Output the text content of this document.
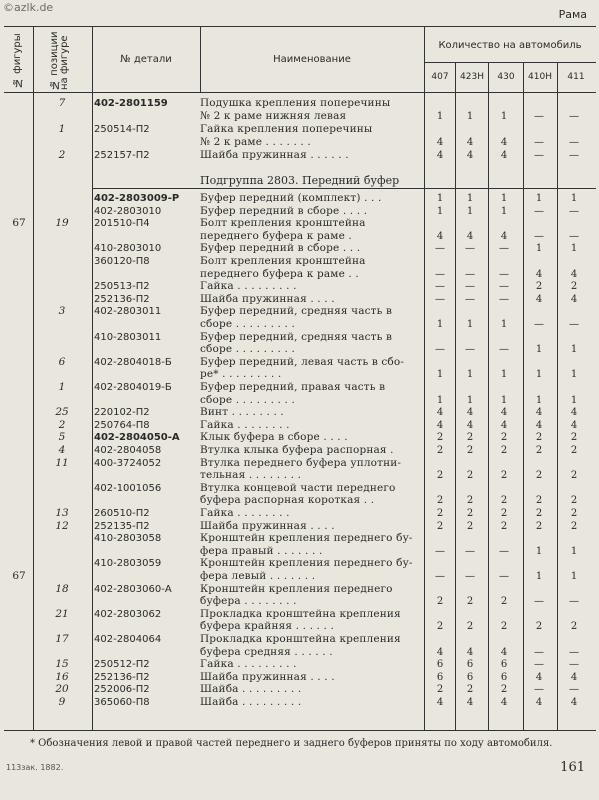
©azlk.de
Рама
№ фигуры	№ позиции на фигуре	№ детали	Наименование
Количество на автомобиль
407	423Н	430	410Н	411
Подгруппа 2803. Передний буфер
7	402-2801159	Подушка крепления поперечины
№ 2 к раме нижняя левая	1	1	1	—	—
1	250514-П2	Гайка крепления поперечины
№ 2 к раме . . . . . . .	4	4	4	—	—
2	252157-П2	Шайба пружинная . . . . . .	4	4	4	—	—
402-2803009-Р	Буфер передний (комплект) . . .	1	1	1	1	1
402-2803010	Буфер передний в сборе . . . .	1	1	1	—	—
67	19	201510-П4	Болт крепления кронштейна
переднего буфера к раме .	4	4	4	—	—
410-2803010	Буфер передний в сборе . . .	—	—	—	1	1
360120-П8	Болт крепления кронштейна
переднего буфера к раме . .	—	—	—	4	4
250513-П2	Гайка . . . . . . . . .	—	—	—	2	2
252136-П2	Шайба пружинная . . . .	—	—	—	4	4
3	402-2803011	Буфер передний, средняя часть в
сборе . . . . . . . . .	1	1	1	—	—
410-2803011	Буфер передний, средняя часть в
сборе . . . . . . . . .	—	—	—	1	1
6	402-2804018-Б	Буфер передний, левая часть в сбо-
ре* . . . . . . . . .	1	1	1	1	1
1	402-2804019-Б	Буфер передний, правая часть в
сборе . . . . . . . . .	1	1	1	1	1
25	220102-П2	Винт . . . . . . . .	4	4	4	4	4
2	250764-П8	Гайка . . . . . . . .	4	4	4	4	4
5	402-2804050-А	Клык буфера в сборе . . . .	2	2	2	2	2
4	402-2804058	Втулка клыка буфера распорная .	2	2	2	2	2
11	400-3724052	Втулка переднего буфера уплотни-
тельная . . . . . . . .	2	2	2	2	2
402-1001056	Втулка концевой части переднего
буфера распорная короткая . .	2	2	2	2	2
13	260510-П2	Гайка . . . . . . . .	2	2	2	2	2
12	252135-П2	Шайба пружинная . . . .	2	2	2	2	2
410-2803058	Кронштейн крепления переднего бу-
фера правый . . . . . . .	—	—	—	1	1
410-2803059	Кронштейн крепления переднего бу-
67	фера левый . . . . . . .	—	—	—	1	1
18	402-2803060-А	Кронштейн крепления переднего
буфера . . . . . . . .	2	2	2	—	—
21	402-2803062	Прокладка кронштейна крепления
буфера крайняя . . . . . .	2	2	2	2	2
17	402-2804064	Прокладка кронштейна крепления
буфера средняя . . . . . .	4	4	4	—	—
15	250512-П2	Гайка . . . . . . . . .	6	6	6	—	—
16	252136-П2	Шайба пружинная . . . .	6	6	6	4	4
20	252006-П2	Шайба . . . . . . . . .	2	2	2	—	—
9	365060-П8	Шайба . . . . . . . . .	4	4	4	4	4
* Обозначения левой и правой частей переднего и заднего буферов приняты по ходу автомобиля.
113зак. 1882.	161
